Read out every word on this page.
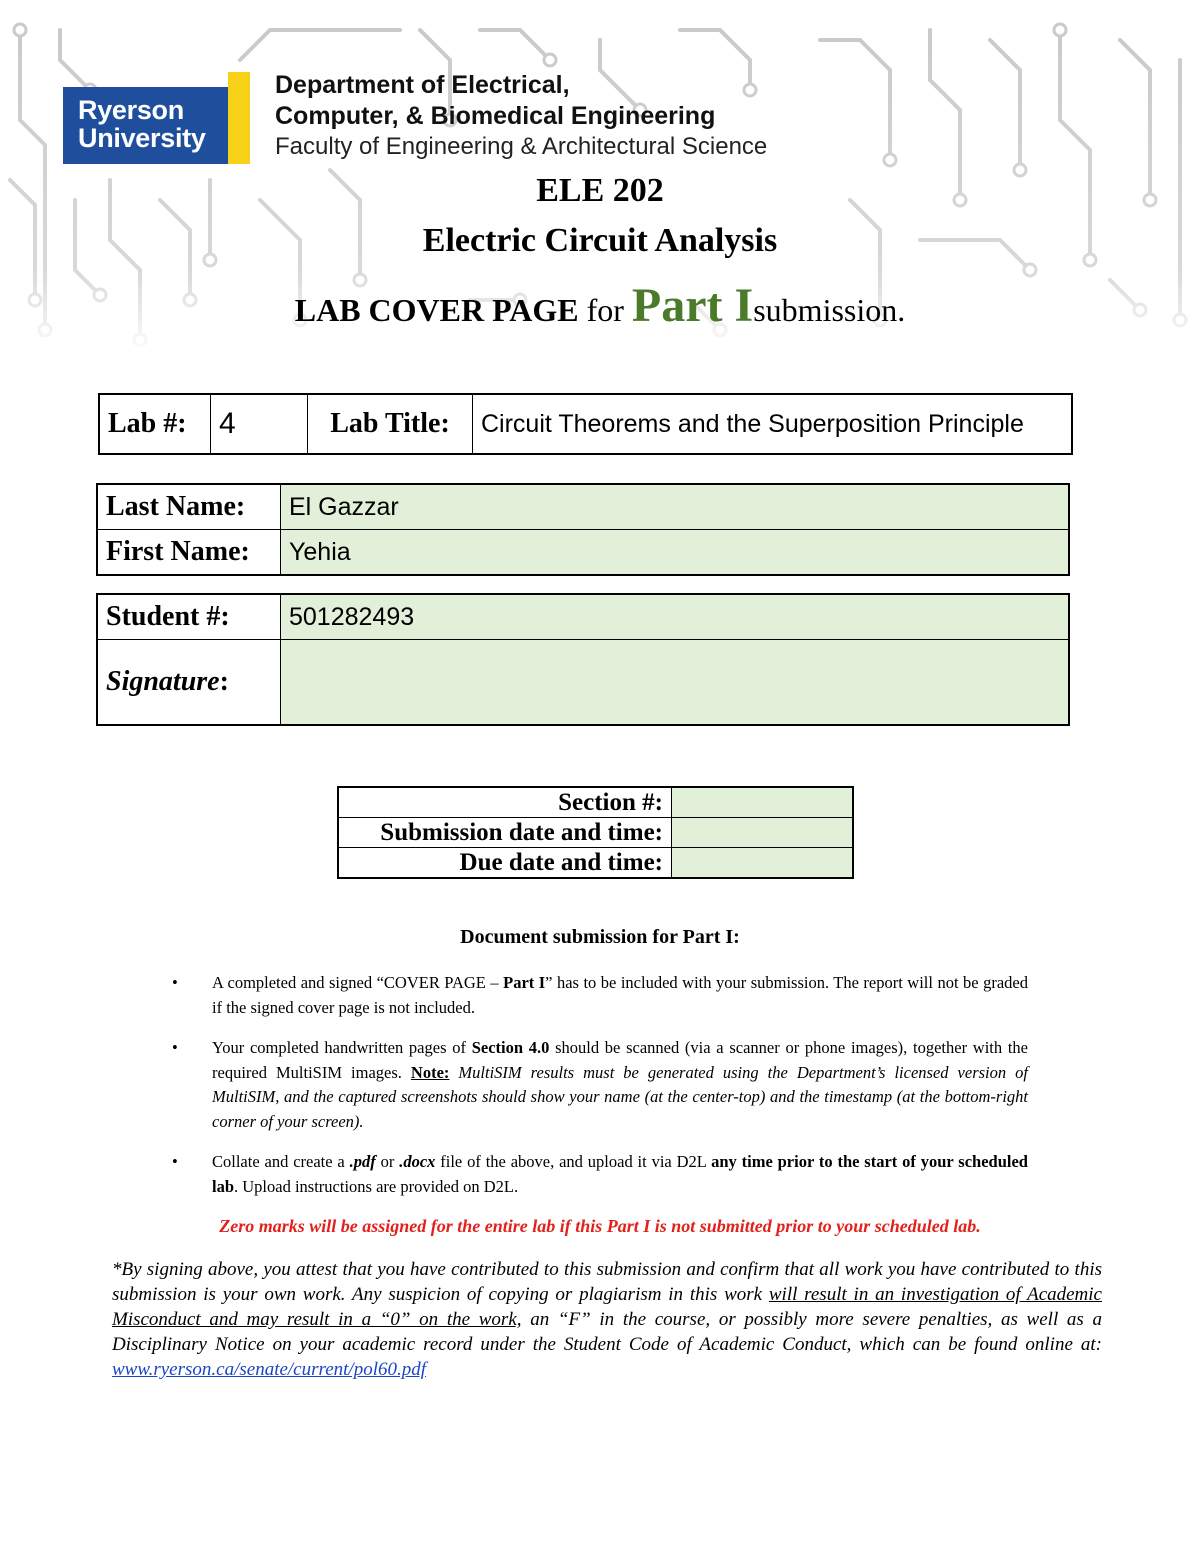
Ryerson
University
Department of Electrical,
Computer, & Biomedical Engineering
Faculty of Engineering & Architectural Science
ELE 202
Electric Circuit Analysis
LAB COVER PAGE for Part Isubmission.
Lab #:	4	Lab Title:	Circuit Theorems and the Superposition Principle
Last Name:	El Gazzar
First Name:	Yehia
Student #:	501282493
Signature:	
Section #:	
Submission date and time:	
Due date and time:	
Document submission for Part I:
• A completed and signed “COVER PAGE – Part I” has to be included with your submission. The report will not be graded if the signed cover page is not included.
• Your completed handwritten pages of Section 4.0 should be scanned (via a scanner or phone images), together with the required MultiSIM images. Note: MultiSIM results must be generated using the Department’s licensed version of MultiSIM, and the captured screenshots should show your name (at the center-top) and the timestamp (at the bottom-right corner of your screen).
• Collate and create a .pdf or .docx file of the above, and upload it via D2L any time prior to the start of your scheduled lab. Upload instructions are provided on D2L.
Zero marks will be assigned for the entire lab if this Part I is not submitted prior to your scheduled lab.
*By signing above, you attest that you have contributed to this submission and confirm that all work you have contributed to this submission is your own work. Any suspicion of copying or plagiarism in this work will result in an investigation of Academic Misconduct and may result in a “0” on the work, an “F” in the course, or possibly more severe penalties, as well as a Disciplinary Notice on your academic record under the Student Code of Academic Conduct, which can be found online at: www.ryerson.ca/senate/current/pol60.pdf
